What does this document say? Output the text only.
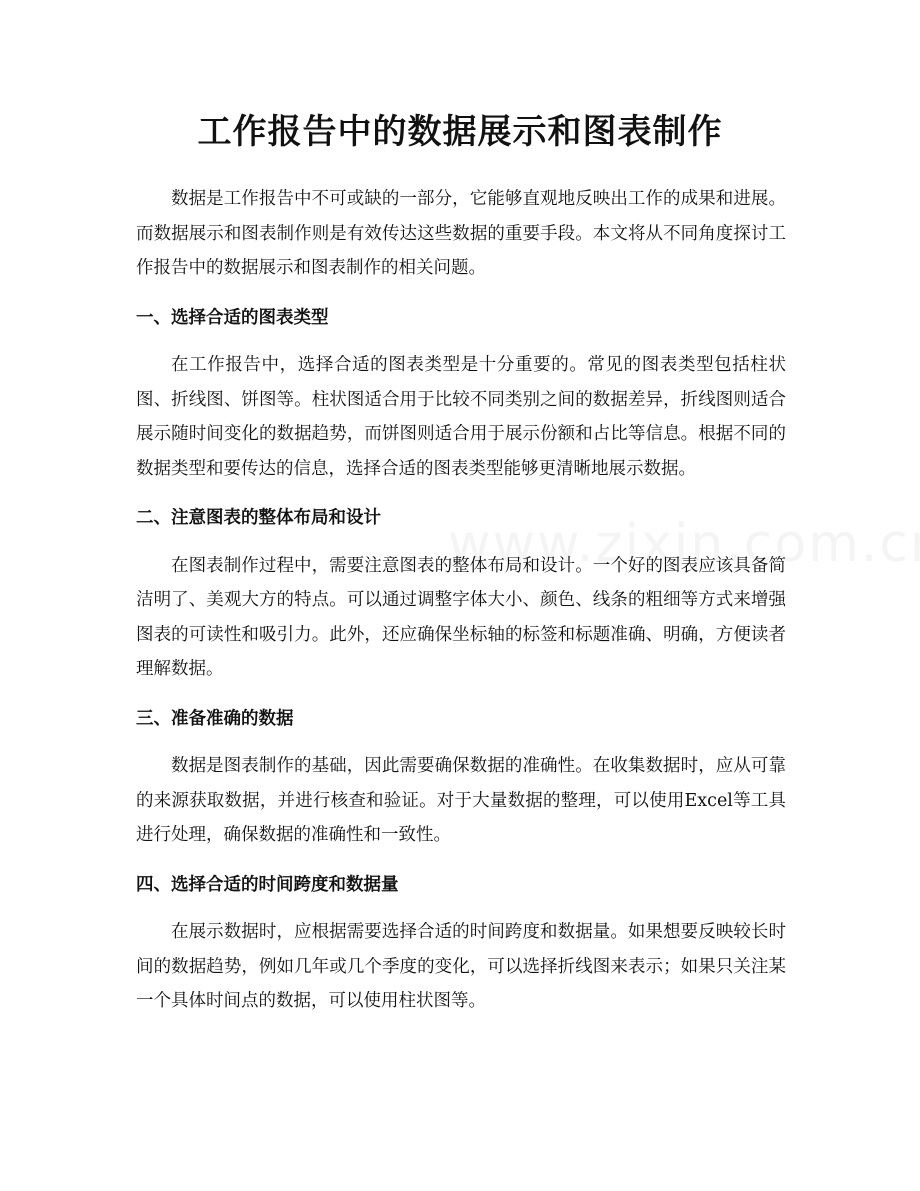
工作报告中的数据展示和图表制作

数据是工作报告中不可或缺的一部分，它能够直观地反映出工作的成果和进展。而数据展示和图表制作则是有效传达这些数据的重要手段。本文将从不同角度探讨工作报告中的数据展示和图表制作的相关问题。

一、选择合适的图表类型

在工作报告中，选择合适的图表类型是十分重要的。常见的图表类型包括柱状图、折线图、饼图等。柱状图适合用于比较不同类别之间的数据差异，折线图则适合展示随时间变化的数据趋势，而饼图则适合用于展示份额和占比等信息。根据不同的数据类型和要传达的信息，选择合适的图表类型能够更清晰地展示数据。

二、注意图表的整体布局和设计

在图表制作过程中，需要注意图表的整体布局和设计。一个好的图表应该具备简洁明了、美观大方的特点。可以通过调整字体大小、颜色、线条的粗细等方式来增强图表的可读性和吸引力。此外，还应确保坐标轴的标签和标题准确、明确，方便读者理解数据。

三、准备准确的数据

数据是图表制作的基础，因此需要确保数据的准确性。在收集数据时，应从可靠的来源获取数据，并进行核查和验证。对于大量数据的整理，可以使用Excel等工具进行处理，确保数据的准确性和一致性。

四、选择合适的时间跨度和数据量

在展示数据时，应根据需要选择合适的时间跨度和数据量。如果想要反映较长时间的数据趋势，例如几年或几个季度的变化，可以选择折线图来表示；如果只关注某一个具体时间点的数据，可以使用柱状图等。
